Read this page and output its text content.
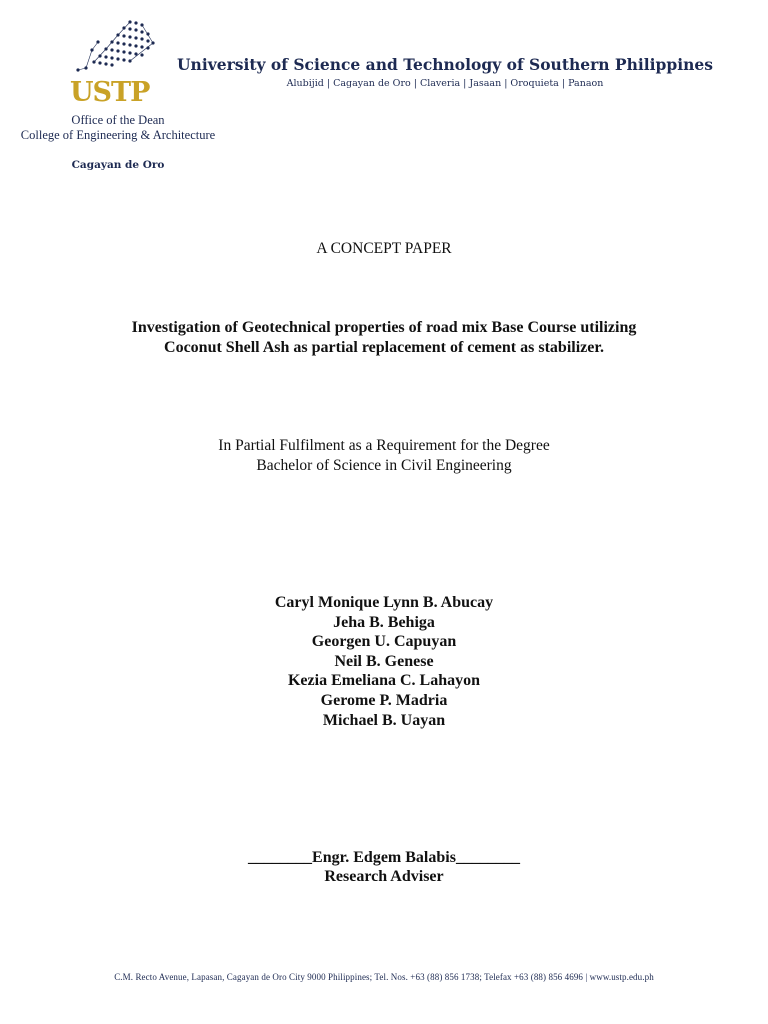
USTP
University of Science and Technology of Southern Philippines
Alubijid | Cagayan de Oro | Claveria | Jasaan | Oroquieta | Panaon
Office of the Dean
College of Engineering & Architecture
Cagayan de Oro
A CONCEPT PAPER
Investigation of Geotechnical properties of road mix Base Course utilizing
Coconut Shell Ash as partial replacement of cement as stabilizer.
In Partial Fulfilment as a Requirement for the Degree
Bachelor of Science in Civil Engineering
Caryl Monique Lynn B. Abucay
Jeha B. Behiga
Georgen U. Capuyan
Neil B. Genese
Kezia Emeliana C. Lahayon
Gerome P. Madria
Michael B. Uayan
________Engr. Edgem Balabis________
Research Adviser
C.M. Recto Avenue, Lapasan, Cagayan de Oro City 9000 Philippines; Tel. Nos. +63 (88) 856 1738; Telefax +63 (88) 856 4696 | www.ustp.edu.ph
